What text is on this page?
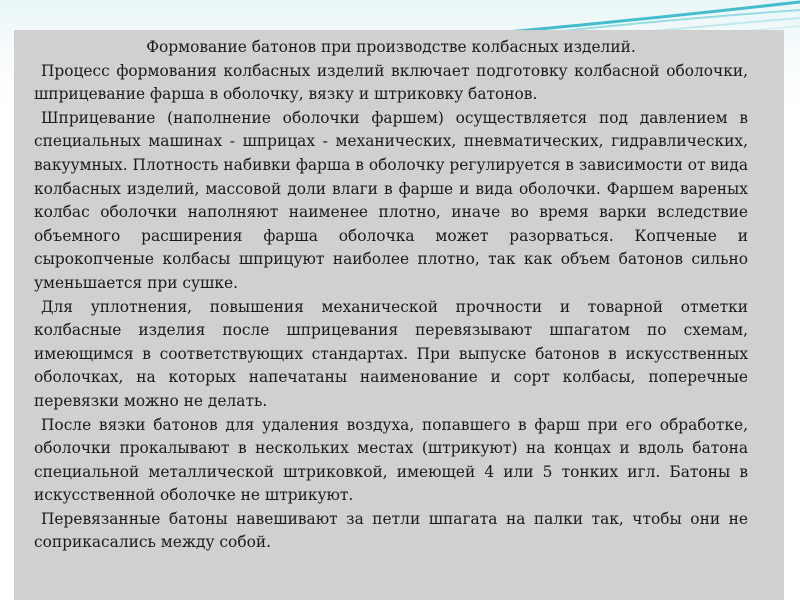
Формование батонов при производстве колбасных изделий.

Процесс формования колбасных изделий включает подготовку колбасной оболочки, шприцевание фарша в оболочку, вязку и штриковку батонов.

Шприцевание (наполнение оболочки фаршем) осуществляется под давлением в специальных машинах - шприцах - механических, пневматических, гидравлических, вакуумных. Плотность набивки фарша в оболочку регулируется в зависимости от вида колбасных изделий, массовой доли влаги в фарше и вида оболочки. Фаршем вареных колбас оболочки наполняют наименее плотно, иначе во время варки вследствие объемного расширения фарша оболочка может разорваться. Копченые и сырокопченые колбасы шприцуют наиболее плотно, так как объем батонов сильно уменьшается при сушке.

Для уплотнения, повышения механической прочности и товарной отметки колбасные изделия после шприцевания перевязывают шпагатом по схемам, имеющимся в соответствующих стандартах. При выпуске батонов в искусственных оболочках, на которых напечатаны наименование и сорт колбасы, поперечные перевязки можно не делать.

После вязки батонов для удаления воздуха, попавшего в фарш при его обработке, оболочки прокалывают в нескольких местах (штрикуют) на концах и вдоль батона специальной металлической штриковкой, имеющей 4 или 5 тонких игл. Батоны в искусственной оболочке не штрикуют.

Перевязанные батоны навешивают за петли шпагата на палки так, чтобы они не соприкасались между собой.
